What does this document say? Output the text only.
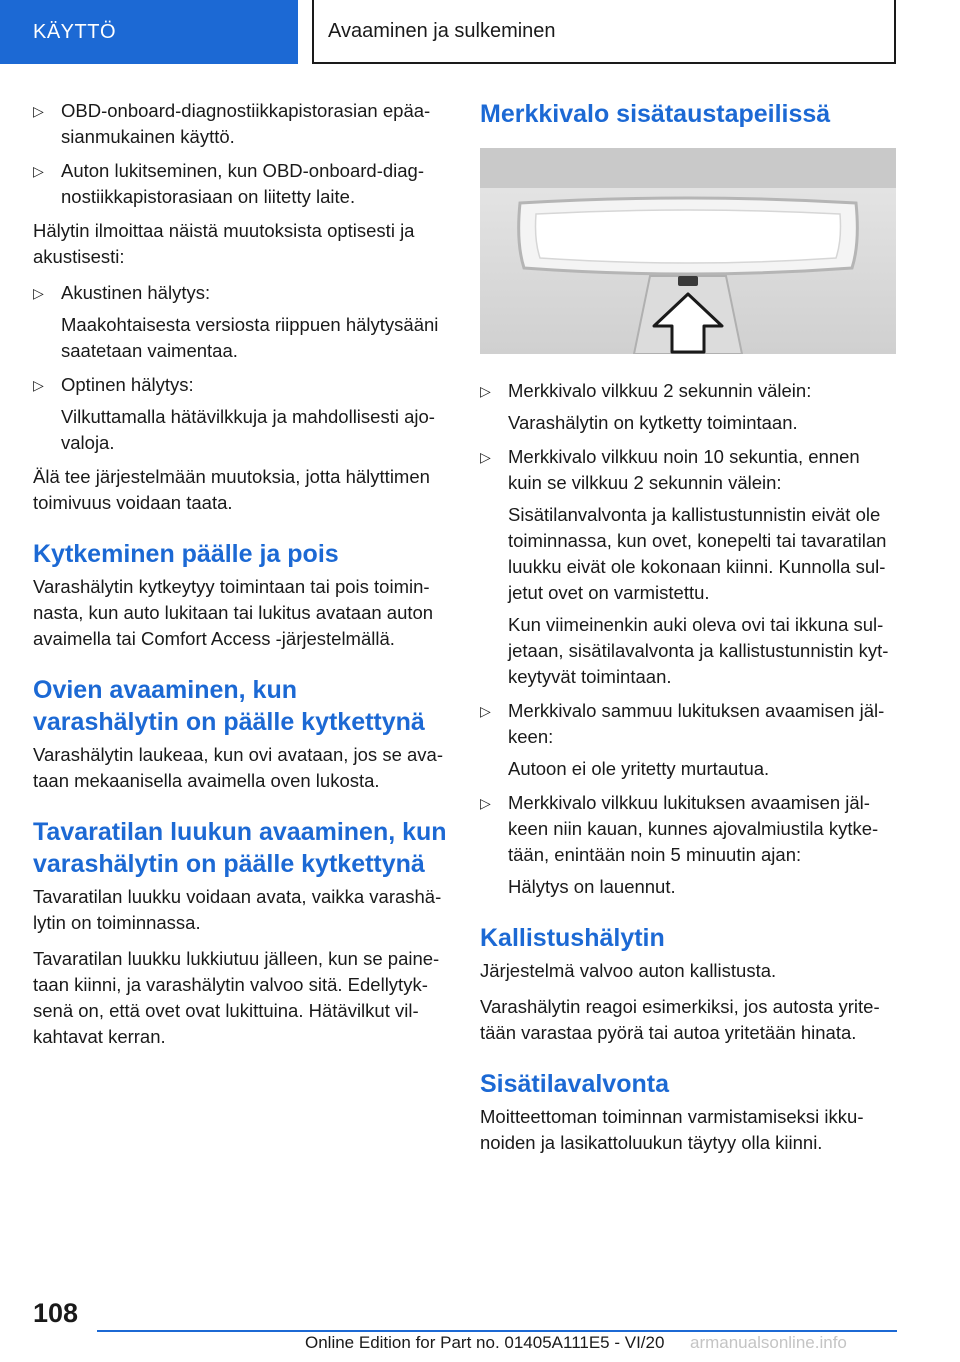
KÄYTTÖ	Avaaminen ja sulkeminen
▷ OBD-onboard-diagnostiikkapistorasian epäa‐ sianmukainen käyttö.

▷ Auton lukitseminen, kun OBD-onboard-diag‐ nostiikkapistorasiaan on liitetty laite.

Hälytin ilmoittaa näistä muutoksista optisesti ja akustisesti:

▷ Akustinen hälytys:

Maakohtaisesta versiosta riippuen hälytysääni saatetaan vaimentaa.

▷ Optinen hälytys:

Vilkuttamalla hätävilkkuja ja mahdollisesti ajo‐ valoja.

Älä tee järjestelmään muutoksia, jotta hälyttimen toimivuus voidaan taata.

Kytkeminen päälle ja pois

Varashälytin kytkeytyy toimintaan tai pois toimin‐ nasta, kun auto lukitaan tai lukitus avataan auton avaimella tai Comfort Access -järjestelmällä.

Ovien avaaminen, kun varashälytin on päälle kytkettynä

Varashälytin laukeaa, kun ovi avataan, jos se ava‐ taan mekaanisella avaimella oven lukosta.

Tavaratilan luukun avaaminen, kun varashälytin on päälle kytkettynä

Tavaratilan luukku voidaan avata, vaikka varashä‐ lytin on toiminnassa.

Tavaratilan luukku lukkiutuu jälleen, kun se paine‐ taan kiinni, ja varashälytin valvoo sitä. Edellytyk‐ senä on, että ovet ovat lukittuina. Hätävilkut vil‐ kahtavat kerran.

Merkkivalo sisätaustapeilissä
▷ Merkkivalo vilkkuu 2 sekunnin välein:

Varashälytin on kytketty toimintaan.

▷ Merkkivalo vilkkuu noin 10 sekuntia, ennen kuin se vilkkuu 2 sekunnin välein:

Sisätilanvalvonta ja kallistustunnistin eivät ole toiminnassa, kun ovet, konepelti tai tavaratilan luukku eivät ole kokonaan kiinni. Kunnolla sul‐ jetut ovet on varmistettu.

Kun viimeinenkin auki oleva ovi tai ikkuna sul‐ jetaan, sisätilavalvonta ja kallistustunnistin kyt‐ keytyvät toimintaan.

▷ Merkkivalo sammuu lukituksen avaamisen jäl‐ keen:

Autoon ei ole yritetty murtautua.

▷ Merkkivalo vilkkuu lukituksen avaamisen jäl‐ keen niin kauan, kunnes ajovalmiustila kytke‐ tään, enintään noin 5 minuutin ajan:

Hälytys on lauennut.

Kallistushälytin

Järjestelmä valvoo auton kallistusta.

Varashälytin reagoi esimerkiksi, jos autosta yrite‐ tään varastaa pyörä tai autoa yritetään hinata.

Sisätilavalvonta

Moitteettoman toiminnan varmistamiseksi ikku‐ noiden ja lasikattoluukun täytyy olla kiinni.

108
Online Edition for Part no. 01405A111E5 - VI/20 armanualsonline.info
